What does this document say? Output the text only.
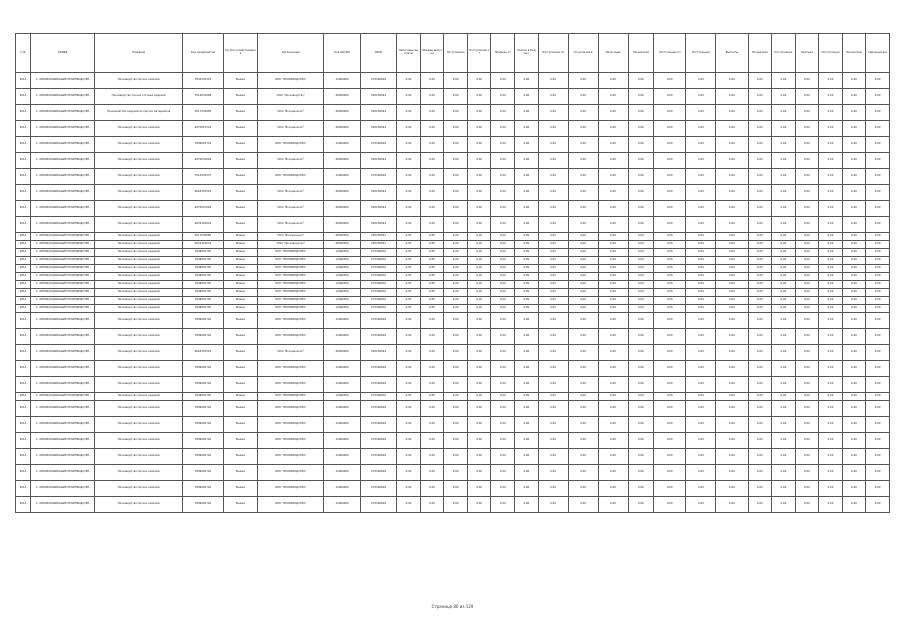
Год	ОКВЭД	Название	Код предприятия	Группа хозяйствования	Организация	Код ОКТМО	ОКПО	Налоговые выплаты	Объёмы выпуска	Поступления	Поступления от	Прибыль от	Налоги в бюджет	Поступления по	Отчисления в	Налоговые	Показатели	Поступления по	Поступления	Выплаты	Показатели	Поступления	Платежи	Поступления	Показатели	Удельный вес
2016	С. ОБРАБАТЫВАЮЩИЕ ПРОИЗВОДСТВА	Производство прочих изделий	7804332315	Малые	ООО "ПРОИЗВОДСТВО"	14000000	574496649	0,00	0,00	0,00	0,00	0,00	0,00	0,00	0,00	0,00	0,00	0,00	0,00	0,00	0,00	0,00	0,00	0,00	0,00	0,00
2016	С. ОБРАБАТЫВАЮЩИЕ ПРОИЗВОДСТВА	Производство прочих готовых изделий	7816032608	Малые	ООО "Производство"	46000000	505238564	0,00	0,00	0,00	0,00	0,00	0,00	0,00	0,00	0,00	0,00	0,00	0,00	0,00	0,00	0,00	0,00	0,00	0,00	0,00
2016	С. ОБРАБАТЫВАЮЩИЕ ПРОИЗВОДСТВА	Производство изделий из прочих материалов	5017232685	Малые	ООО "Воскресенск"	46000000	505238564	0,00	0,00	0,00	0,00	0,00	0,00	0,00	0,00	0,00	0,00	0,00	0,00	0,00	0,00	0,00	0,00	0,00	0,00	0,00
2016	С. ОБРАБАТЫВАЮЩИЕ ПРОИЗВОДСТВА	Производство прочих изделий	6670047524	Малые	ООО "Воскресенск"	46000000	505238564	0,00	0,00	0,00	0,00	0,00	0,00	0,00	0,00	0,00	0,00	0,00	0,00	0,00	0,00	0,00	0,00	0,00	0,00	0,00
2016	С. ОБРАБАТЫВАЮЩИЕ ПРОИЗВОДСТВА	Производство прочих изделий	7806091719	Малые	ООО "ПРОИЗВОДСТВО"	14000000	574496649	0,00	0,00	0,00	0,00	0,00	0,00	0,00	0,00	0,00	0,00	0,00	0,00	0,00	0,00	0,00	0,00	0,00	0,00	0,00
2016	С. ОБРАБАТЫВАЮЩИЕ ПРОИЗВОДСТВА	Производство прочих изделий	6670032604	Малые	ООО "Воскресенск"	46000000	505238564	0,00	0,00	0,00	0,00	0,00	0,00	0,00	0,00	0,00	0,00	0,00	0,00	0,00	0,00	0,00	0,00	0,00	0,00	0,00
2016	С. ОБРАБАТЫВАЮЩИЕ ПРОИЗВОДСТВА	Производство прочих изделий	7814432537	Малые	ООО "ПРОИЗВОДСТВО"	14000000	574496649	0,00	0,00	0,00	0,00	0,00	0,00	0,00	0,00	0,00	0,00	0,00	0,00	0,00	0,00	0,00	0,00	0,00	0,00	0,00
2016	С. ОБРАБАТЫВАЮЩИЕ ПРОИЗВОДСТВА	Производство прочих изделий	6664332525	Малые	ООО "Воскресенск"	46000000	505238564	0,00	0,00	0,00	0,00	0,00	0,00	0,00	0,00	0,00	0,00	0,00	0,00	0,00	0,00	0,00	0,00	0,00	0,00	0,00
2016	С. ОБРАБАТЫВАЮЩИЕ ПРОИЗВОДСТВА	Производство прочих изделий	6672007026	Малые	ООО "Воскресенск"	46000000	505238564	0,00	0,00	0,00	0,00	0,00	0,00	0,00	0,00	0,00	0,00	0,00	0,00	0,00	0,00	0,00	0,00	0,00	0,00	0,00
2016	С. ОБРАБАТЫВАЮЩИЕ ПРОИЗВОДСТВА	Производство прочих изделий	6654342616	Малые	ООО "Воскресенск"	46000000	505238564	0,00	0,00	0,00	0,00	0,00	0,00	0,00	0,00	0,00	0,00	0,00	0,00	0,00	0,00	0,00	0,00	0,00	0,00	0,00
2016	С. ОБРАБАТЫВАЮЩИЕ ПРОИЗВОДСТВА	Производство прочих изделий	5017232685	Малые	ООО "Воскресенск"	46000000	505238564	0,00	0,00	0,00	0,00	0,00	0,00	0,00	0,00	0,00	0,00	0,00	0,00	0,00	0,00	0,00	0,00	0,00	0,00	0,00
2016	С. ОБРАБАТЫВАЮЩИЕ ПРОИЗВОДСТВА	Производство прочих изделий	6654342616	Малые	ООО "Производство"	46000000	505238564	0,00	0,00	0,00	0,00	0,00	0,00	0,00	0,00	0,00	0,00	0,00	0,00	0,00	0,00	0,00	0,00	0,00	0,00	0,00
2016	С. ОБРАБАТЫВАЮЩИЕ ПРОИЗВОДСТВА	Производство прочих изделий	7806002720	Малые	ООО "ПРОИЗВОДСТВО"	14000000	574496649	0,00	0,00	0,00	0,00	0,00	0,00	0,00	0,00	0,00	0,00	0,00	0,00	0,00	0,00	0,00	0,00	0,00	0,00	0,00
2016	С. ОБРАБАТЫВАЮЩИЕ ПРОИЗВОДСТВА	Производство прочих изделий	7806002720	Малые	ООО "ПРОИЗВОДСТВО"	14000000	574496649	0,00	0,00	0,00	0,00	0,00	0,00	0,00	0,00	0,00	0,00	0,00	0,00	0,00	0,00	0,00	0,00	0,00	0,00	0,00
2016	С. ОБРАБАТЫВАЮЩИЕ ПРОИЗВОДСТВА	Производство прочих изделий	7806002720	Малые	ООО "ПРОИЗВОДСТВО"	14000000	574496649	0,00	0,00	0,00	0,00	0,00	0,00	0,00	0,00	0,00	0,00	0,00	0,00	0,00	0,00	0,00	0,00	0,00	0,00	0,00
2016	С. ОБРАБАТЫВАЮЩИЕ ПРОИЗВОДСТВА	Производство прочих изделий	7806002720	Малые	ООО "ПРОИЗВОДСТВО"	14000000	574496649	0,00	0,00	0,00	0,00	0,00	0,00	0,00	0,00	0,00	0,00	0,00	0,00	0,00	0,00	0,00	0,00	0,00	0,00	0,00
2016	С. ОБРАБАТЫВАЮЩИЕ ПРОИЗВОДСТВА	Производство прочих изделий	7806002720	Малые	ООО "ПРОИЗВОДСТВО"	14000000	574496649	0,00	0,00	0,00	0,00	0,00	0,00	0,00	0,00	0,00	0,00	0,00	0,00	0,00	0,00	0,00	0,00	0,00	0,00	0,00
2016	С. ОБРАБАТЫВАЮЩИЕ ПРОИЗВОДСТВА	Производство прочих изделий	7806002720	Малые	ООО "ПРОИЗВОДСТВО"	14000000	574496649	0,00	0,00	0,00	0,00	0,00	0,00	0,00	0,00	0,00	0,00	0,00	0,00	0,00	0,00	0,00	0,00	0,00	0,00	0,00
2016	С. ОБРАБАТЫВАЮЩИЕ ПРОИЗВОДСТВА	Производство прочих изделий	7806002720	Малые	ООО "ПРОИЗВОДСТВО"	14000000	574496649	0,00	0,00	0,00	0,00	0,00	0,00	0,00	0,00	0,00	0,00	0,00	0,00	0,00	0,00	0,00	0,00	0,00	0,00	0,00
2016	С. ОБРАБАТЫВАЮЩИЕ ПРОИЗВОДСТВА	Производство прочих изделий	7806002720	Малые	ООО "ПРОИЗВОДСТВО"	14000000	574496649	0,00	0,00	0,00	0,00	0,00	0,00	0,00	0,00	0,00	0,00	0,00	0,00	0,00	0,00	0,00	0,00	0,00	0,00	0,00
2016	С. ОБРАБАТЫВАЮЩИЕ ПРОИЗВОДСТВА	Производство прочих изделий	7806002720	Малые	ООО "ПРОИЗВОДСТВО"	14000000	574496649	0,00	0,00	0,00	0,00	0,00	0,00	0,00	0,00	0,00	0,00	0,00	0,00	0,00	0,00	0,00	0,00	0,00	0,00	0,00
2016	С. ОБРАБАТЫВАЮЩИЕ ПРОИЗВОДСТВА	Производство прочих изделий	7806002720	Малые	ООО "ПРОИЗВОДСТВО"	14000000	574496649	0,00	0,00	0,00	0,00	0,00	0,00	0,00	0,00	0,00	0,00	0,00	0,00	0,00	0,00	0,00	0,00	0,00	0,00	0,00
2016	С. ОБРАБАТЫВАЮЩИЕ ПРОИЗВОДСТВА	Производство прочих изделий	6664332525	Малые	ООО "Воскресенск"	46000000	505238564	0,00	0,00	0,00	0,00	0,00	0,00	0,00	0,00	0,00	0,00	0,00	0,00	0,00	0,00	0,00	0,00	0,00	0,00	0,00
2016	С. ОБРАБАТЫВАЮЩИЕ ПРОИЗВОДСТВА	Производство прочих изделий	7806002720	Малые	ООО "ПРОИЗВОДСТВО"	14000000	574496649	0,00	0,00	0,00	0,00	0,00	0,00	0,00	0,00	0,00	0,00	0,00	0,00	0,00	0,00	0,00	0,00	0,00	0,00	0,00
2016	С. ОБРАБАТЫВАЮЩИЕ ПРОИЗВОДСТВА	Производство прочих изделий	7806002720	Малые	ООО "ПРОИЗВОДСТВО"	14000000	574496649	0,00	0,00	0,00	0,00	0,00	0,00	0,00	0,00	0,00	0,00	0,00	0,00	0,00	0,00	0,00	0,00	0,00	0,00	0,00
2016	С. ОБРАБАТЫВАЮЩИЕ ПРОИЗВОДСТВА	Производство прочих изделий	7806002720	Малые	ООО "ПРОИЗВОДСТВО"	14000000	574496649	0,00	0,00	0,00	0,00	0,00	0,00	0,00	0,00	0,00	0,00	0,00	0,00	0,00	0,00	0,00	0,00	0,00	0,00	0,00
2016	С. ОБРАБАТЫВАЮЩИЕ ПРОИЗВОДСТВА	Производство прочих изделий	7806002720	Малые	ООО "ПРОИЗВОДСТВО"	14000000	574496649	0,00	0,00	0,00	0,00	0,00	0,00	0,00	0,00	0,00	0,00	0,00	0,00	0,00	0,00	0,00	0,00	0,00	0,00	0,00
2016	С. ОБРАБАТЫВАЮЩИЕ ПРОИЗВОДСТВА	Производство прочих изделий	7806002720	Малые	ООО "ПРОИЗВОДСТВО"	14000000	574496649	0,00	0,00	0,00	0,00	0,00	0,00	0,00	0,00	0,00	0,00	0,00	0,00	0,00	0,00	0,00	0,00	0,00	0,00	0,00
2016	С. ОБРАБАТЫВАЮЩИЕ ПРОИЗВОДСТВА	Производство прочих изделий	7806002720	Малые	ООО "ПРОИЗВОДСТВО"	14000000	574496649	0,00	0,00	0,00	0,00	0,00	0,00	0,00	0,00	0,00	0,00	0,00	0,00	0,00	0,00	0,00	0,00	0,00	0,00	0,00
2016	С. ОБРАБАТЫВАЮЩИЕ ПРОИЗВОДСТВА	Производство прочих изделий	7806002720	Малые	ООО "ПРОИЗВОДСТВО"	14000000	574496649	0,00	0,00	0,00	0,00	0,00	0,00	0,00	0,00	0,00	0,00	0,00	0,00	0,00	0,00	0,00	0,00	0,00	0,00	0,00
2016	С. ОБРАБАТЫВАЮЩИЕ ПРОИЗВОДСТВА	Производство прочих изделий	7806002720	Малые	ООО "ПРОИЗВОДСТВО"	14000000	574496649	0,00	0,00	0,00	0,00	0,00	0,00	0,00	0,00	0,00	0,00	0,00	0,00	0,00	0,00	0,00	0,00	0,00	0,00	0,00
2016	С. ОБРАБАТЫВАЮЩИЕ ПРОИЗВОДСТВА	Производство прочих изделий	7806002720	Малые	ООО "ПРОИЗВОДСТВО"	14000000	574496649	0,00	0,00	0,00	0,00	0,00	0,00	0,00	0,00	0,00	0,00	0,00	0,00	0,00	0,00	0,00	0,00	0,00	0,00	0,00
2016	С. ОБРАБАТЫВАЮЩИЕ ПРОИЗВОДСТВА	Производство прочих изделий	7806002720	Малые	ООО "ПРОИЗВОДСТВО"	14000000	574496649	0,00	0,00	0,00	0,00	0,00	0,00	0,00	0,00	0,00	0,00	0,00	0,00	0,00	0,00	0,00	0,00	0,00	0,00	0,00
Страница 80 из 129
